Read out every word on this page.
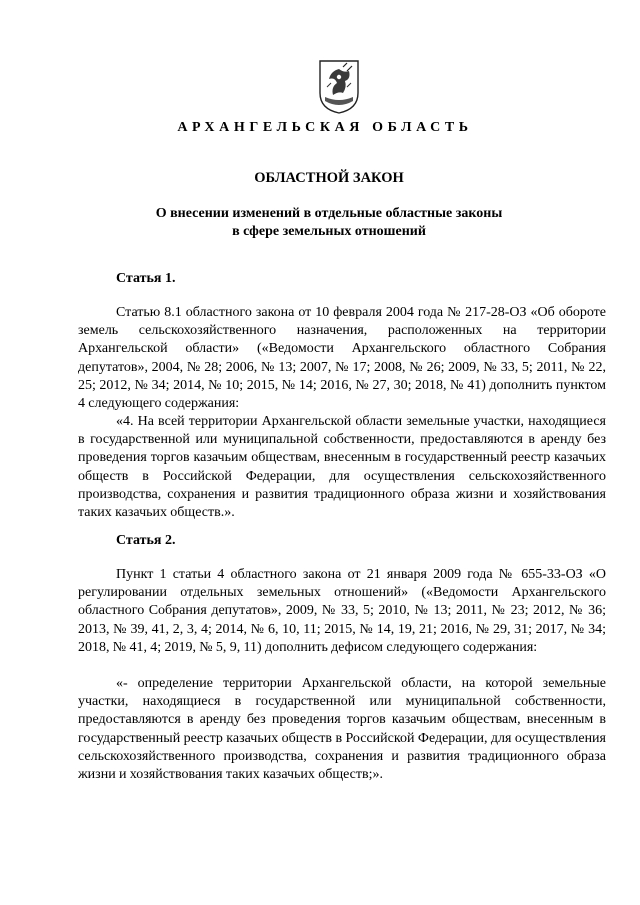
АРХАНГЕЛЬСКАЯ ОБЛАСТЬ
ОБЛАСТНОЙ ЗАКОН
О внесении изменений в отдельные областные законы
в сфере земельных отношений
Статья 1.
Статью 8.1 областного закона от 10 февраля 2004 года № 217-28-ОЗ «Об обороте земель сельскохозяйственного назначения, расположенных на территории Архангельской области» («Ведомости Архангельского областного Собрания депутатов», 2004, № 28; 2006, № 13; 2007, № 17; 2008, № 26; 2009, № 33, 5; 2011, № 22, 25; 2012, № 34; 2014, № 10; 2015, № 14; 2016, № 27, 30; 2018, № 41) дополнить пунктом 4 следующего содержания:
«4. На всей территории Архангельской области земельные участки, находящиеся в государственной или муниципальной собственности, предоставляются в аренду без проведения торгов казачьим обществам, внесенным в государственный реестр казачьих обществ в Российской Федерации, для осуществления сельскохозяйственного производства, сохранения и развития традиционного образа жизни и хозяйствования таких казачьих обществ.».
Статья 2.
Пункт 1 статьи 4 областного закона от 21 января 2009 года № 655-33-ОЗ «О регулировании отдельных земельных отношений» («Ведомости Архангельского областного Собрания депутатов», 2009, № 33, 5; 2010, № 13; 2011, № 23; 2012, № 36; 2013, № 39, 41, 2, 3, 4; 2014, № 6, 10, 11; 2015, № 14, 19, 21; 2016, № 29, 31; 2017, № 34; 2018, № 41, 4; 2019, № 5, 9, 11) дополнить дефисом следующего содержания:
«- определение территории Архангельской области, на которой земельные участки, находящиеся в государственной или муниципальной собственности, предоставляются в аренду без проведения торгов казачьим обществам, внесенным в государственный реестр казачьих обществ в Российской Федерации, для осуществления сельскохозяйственного производства, сохранения и развития традиционного образа жизни и хозяйствования таких казачьих обществ;».
